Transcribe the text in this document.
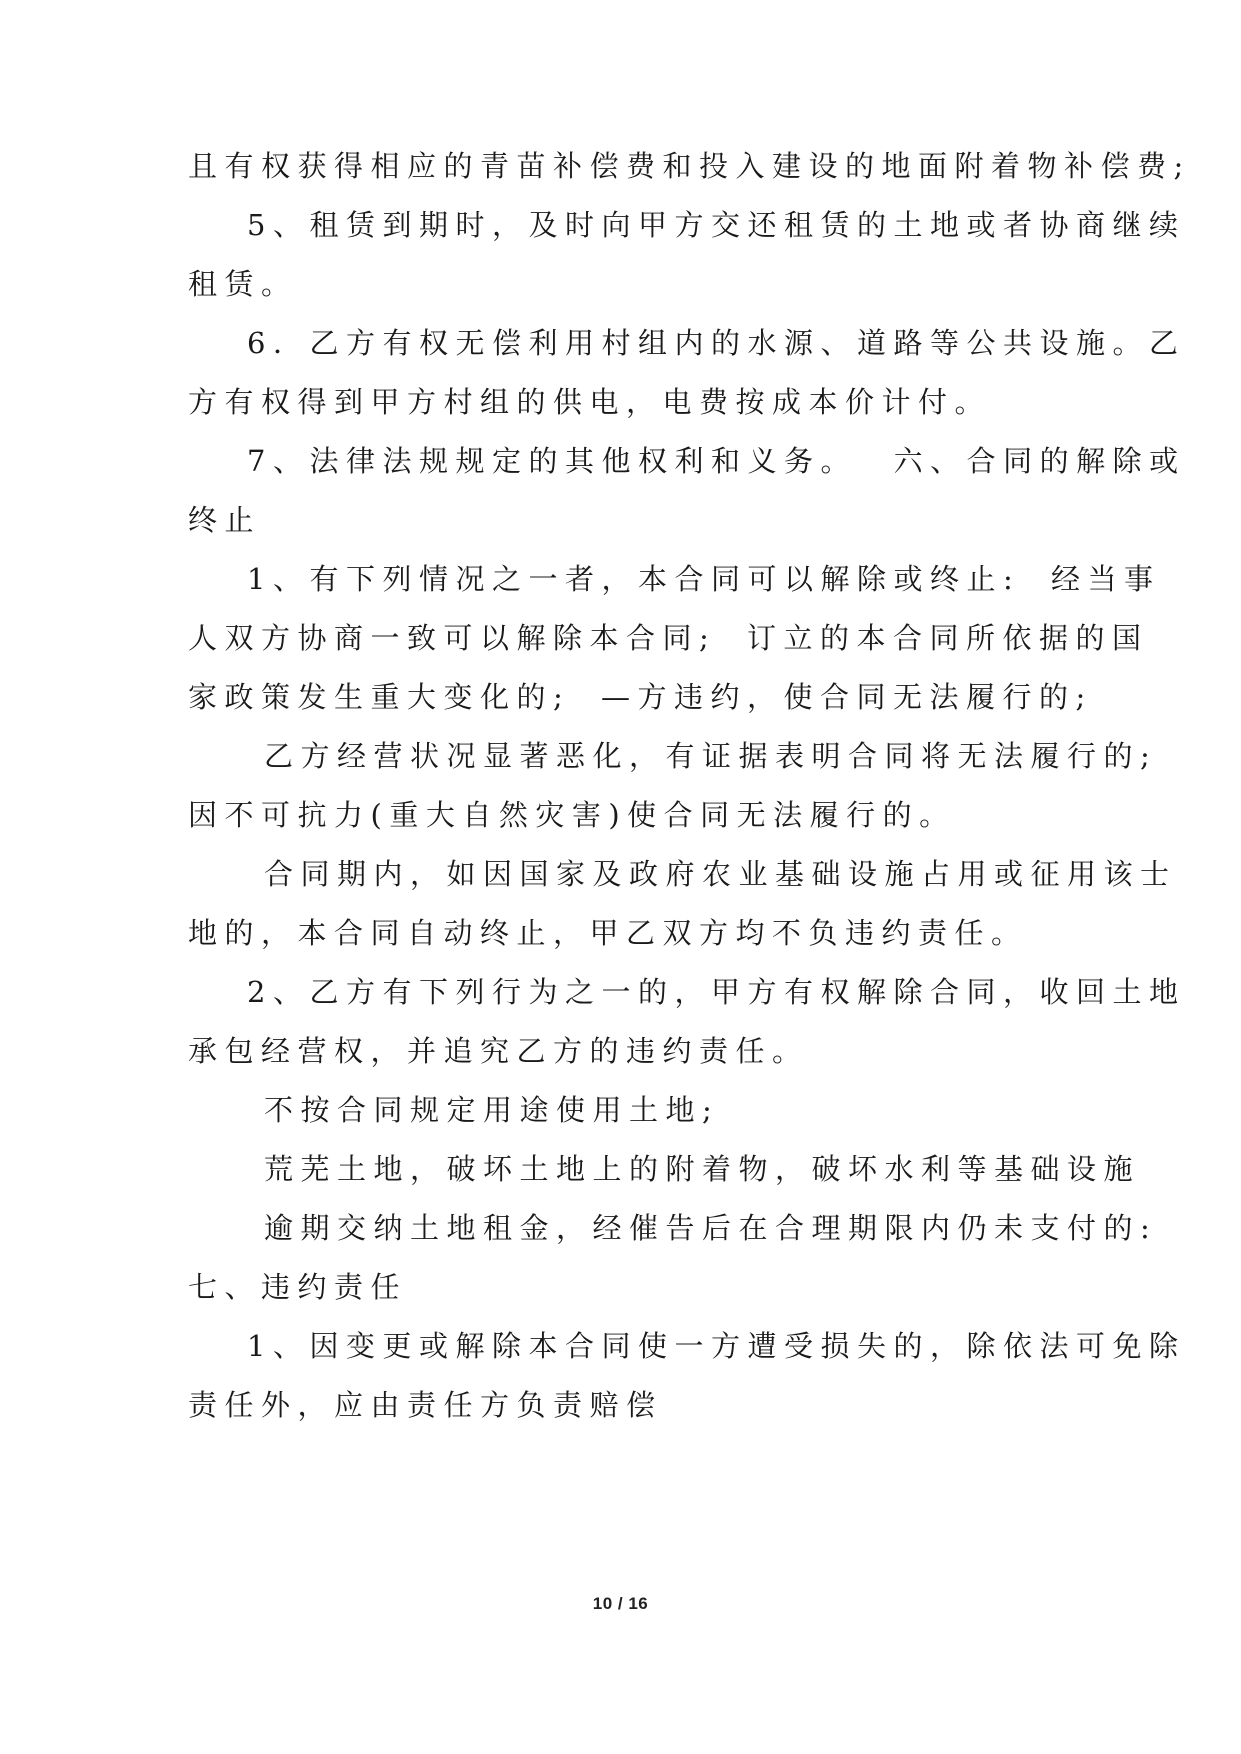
且有权获得相应的青苗补偿费和投入建设的地面附着物补偿费;
5、租赁到期时，及时向甲方交还租赁的土地或者协商继续
租赁。
6．乙方有权无偿利用村组内的水源、道路等公共设施。乙
方有权得到甲方村组的供电，电费按成本价计付。
7、法律法规规定的其他权利和义务。 六、合同的解除或
终止
1、有下列情况之一者，本合同可以解除或终止: 经当事
人双方协商一致可以解除本合同; 订立的本合同所依据的国
家政策发生重大变化的; —方违约，使合同无法履行的;
乙方经营状况显著恶化，有证据表明合同将无法履行的;
因不可抗力(重大自然灾害)使合同无法履行的。
合同期内，如因国家及政府农业基础设施占用或征用该士
地的，本合同自动终止，甲乙双方均不负违约责任。
2、乙方有下列行为之一的，甲方有权解除合同，收回土地
承包经营权，并追究乙方的违约责任。
不按合同规定用途使用土地;
荒芜土地，破坏土地上的附着物，破坏水利等基础设施
逾期交纳土地租金，经催告后在合理期限内仍未支付的:
七、违约责任
1、因变更或解除本合同使一方遭受损失的，除依法可免除
责任外，应由责任方负责赔偿
10 / 16
